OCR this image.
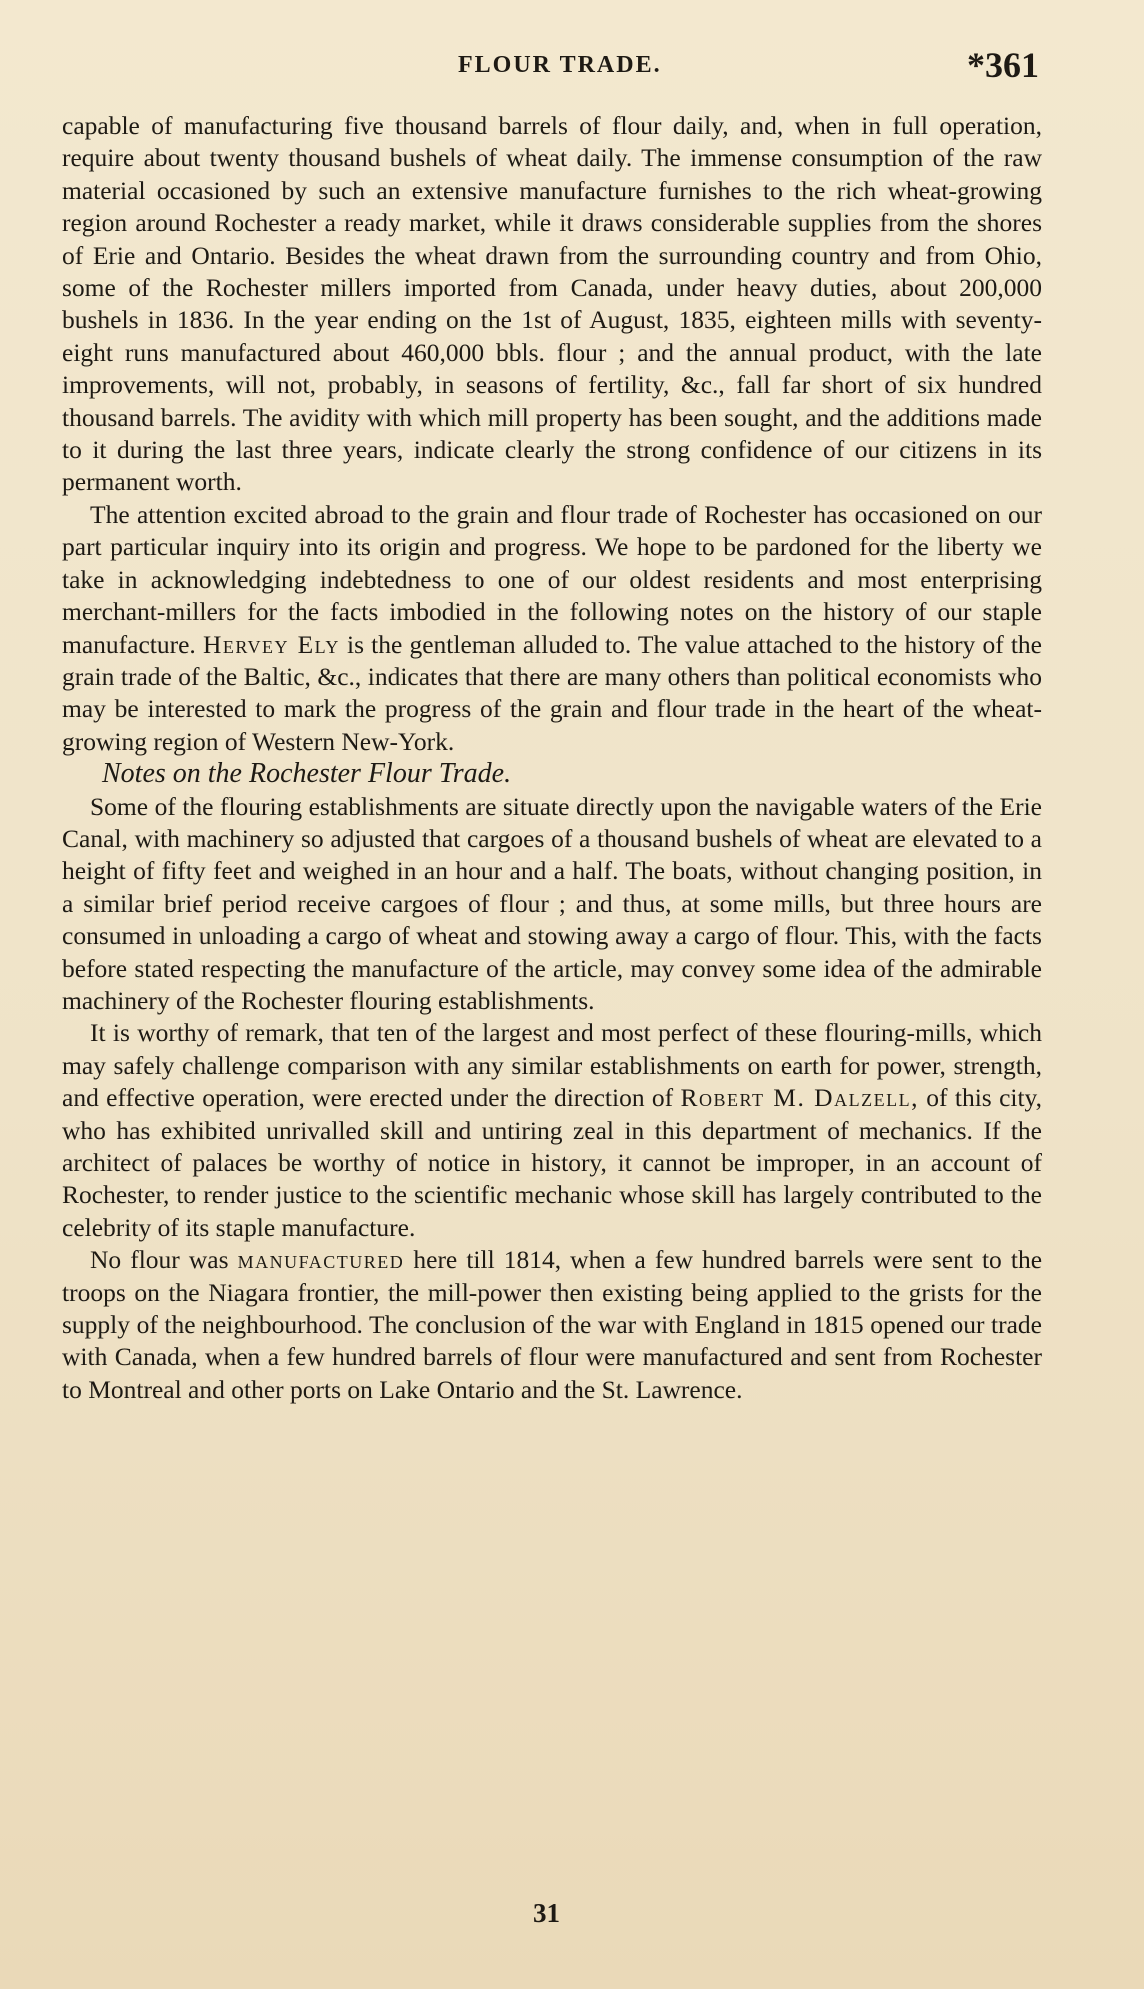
FLOUR TRADE.	*361

capable of manufacturing five thousand barrels of flour daily, and, when in full operation, require about twenty thousand bushels of wheat daily. The immense consumption of the raw material occasioned by such an extensive manufacture furnishes to the rich wheat-growing region around Rochester a ready market, while it draws considerable supplies from the shores of Erie and Ontario. Besides the wheat drawn from the surrounding country and from Ohio, some of the Rochester millers imported from Canada, under heavy duties, about 200,000 bushels in 1836. In the year ending on the 1st of August, 1835, eighteen mills with seventy-eight runs manufactured about 460,000 bbls. flour ; and the annual product, with the late improvements, will not, probably, in seasons of fertility, &c., fall far short of six hundred thousand barrels. The avidity with which mill property has been sought, and the additions made to it during the last three years, indicate clearly the strong confidence of our citizens in its permanent worth.

The attention excited abroad to the grain and flour trade of Rochester has occasioned on our part particular inquiry into its origin and progress. We hope to be pardoned for the liberty we take in acknowledging indebtedness to one of our oldest residents and most enterprising merchant-millers for the facts imbodied in the following notes on the history of our staple manufacture. Hervey Ely is the gentleman alluded to. The value attached to the history of the grain trade of the Baltic, &c., indicates that there are many others than political economists who may be interested to mark the progress of the grain and flour trade in the heart of the wheat-growing region of Western New-York.

Notes on the Rochester Flour Trade.

Some of the flouring establishments are situate directly upon the navigable waters of the Erie Canal, with machinery so adjusted that cargoes of a thousand bushels of wheat are elevated to a height of fifty feet and weighed in an hour and a half. The boats, without changing position, in a similar brief period receive cargoes of flour ; and thus, at some mills, but three hours are consumed in unloading a cargo of wheat and stowing away a cargo of flour. This, with the facts before stated respecting the manufacture of the article, may convey some idea of the admirable machinery of the Rochester flouring establishments.

It is worthy of remark, that ten of the largest and most perfect of these flouring-mills, which may safely challenge comparison with any similar establishments on earth for power, strength, and effective operation, were erected under the direction of Robert M. Dalzell, of this city, who has exhibited unrivalled skill and untiring zeal in this department of mechanics. If the architect of palaces be worthy of notice in history, it cannot be improper, in an account of Rochester, to render justice to the scientific mechanic whose skill has largely contributed to the celebrity of its staple manufacture.

No flour was manufactured here till 1814, when a few hundred barrels were sent to the troops on the Niagara frontier, the mill-power then existing being applied to the grists for the supply of the neighbourhood. The conclusion of the war with England in 1815 opened our trade with Canada, when a few hundred barrels of flour were manufactured and sent from Rochester to Montreal and other ports on Lake Ontario and the St. Lawrence.

31
